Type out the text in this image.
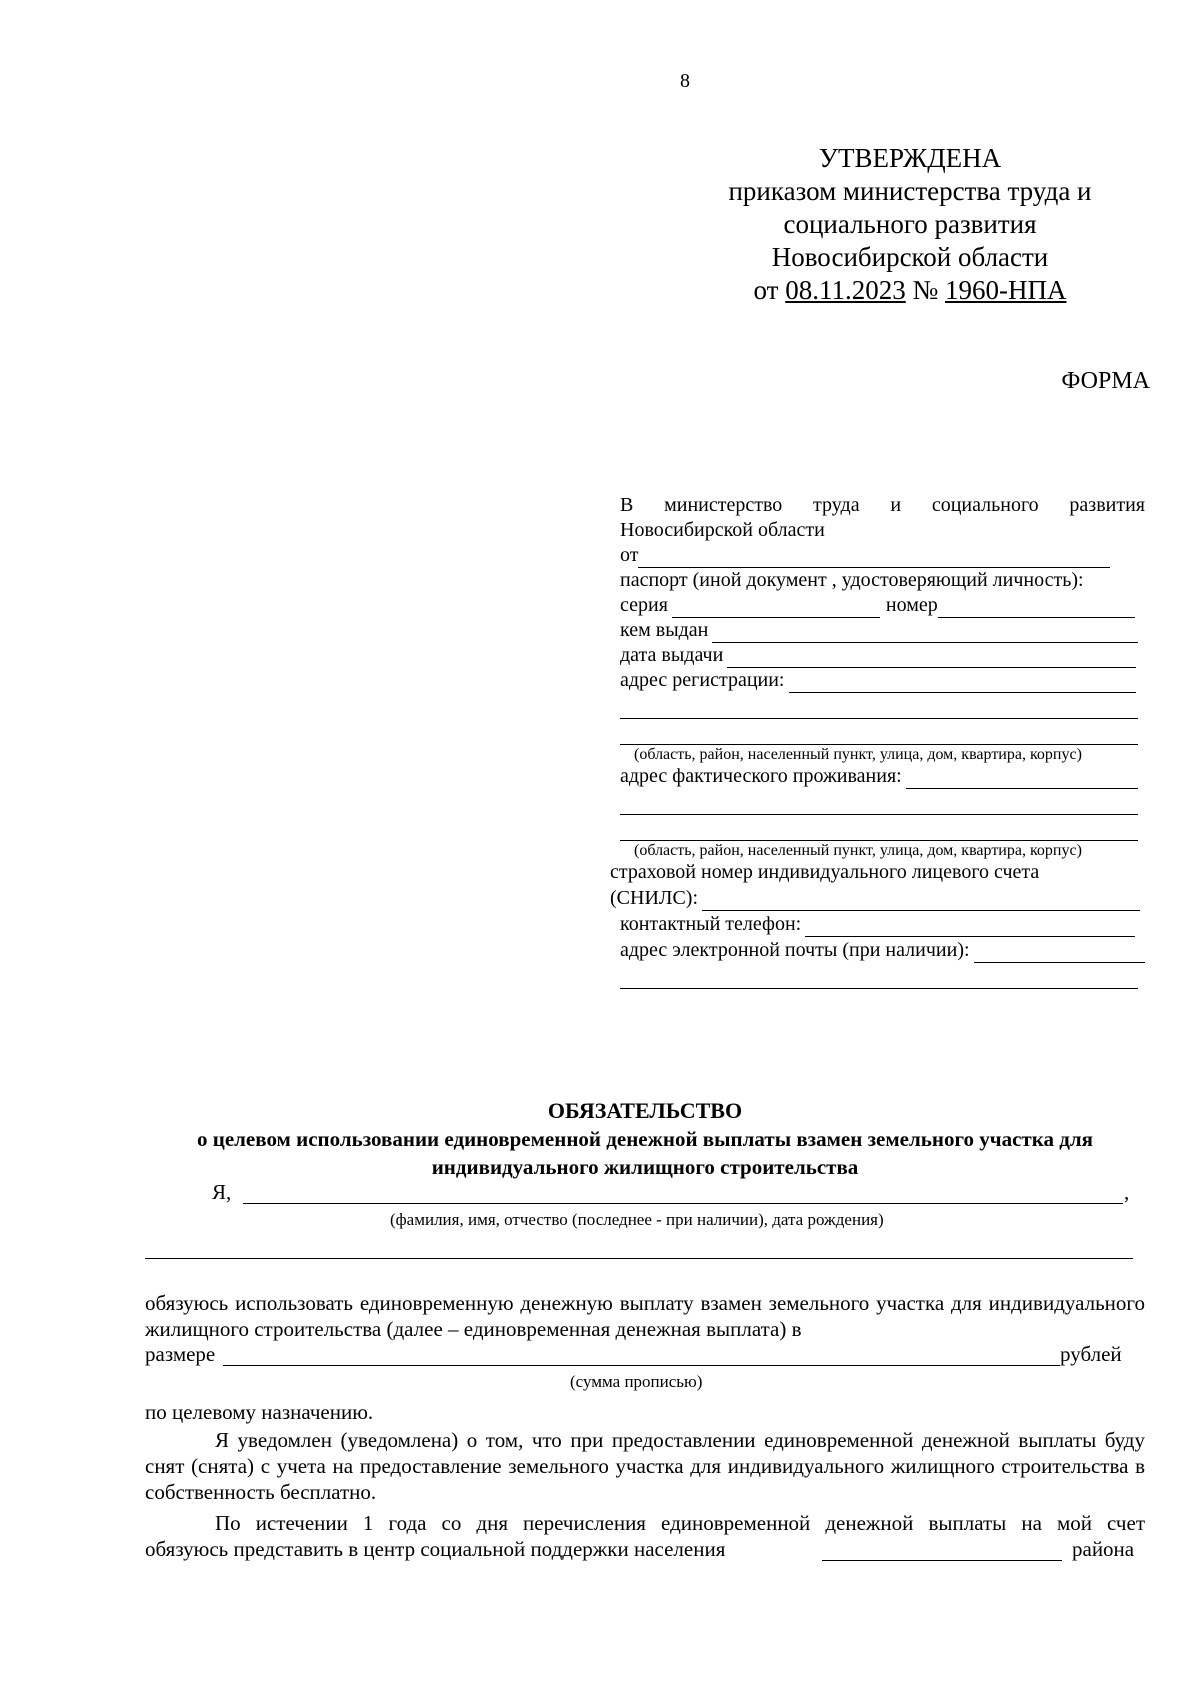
8
УТВЕРЖДЕНА
приказом министерства труда и
социального развития
Новосибирской области
от 08.11.2023 № 1960-НПА
ФОРМА
В министерство труда и социального развития
Новосибирской области
от
паспорт (иной документ , удостоверяющий личность):
серия	номер
кем выдан
дата выдачи
адрес регистрации:
(область, район, населенный пункт, улица, дом, квартира, корпус)
адрес фактического проживания:
(область, район, населенный пункт, улица, дом, квартира, корпус)
страховой номер индивидуального лицевого счета
(СНИЛС):
контактный телефон:
адрес электронной почты (при наличии):
ОБЯЗАТЕЛЬСТВО
о целевом использовании единовременной денежной выплаты взамен земельного участка для индивидуального жилищного строительства
Я,	,
(фамилия, имя, отчество (последнее - при наличии), дата рождения)
обязуюсь использовать единовременную денежную выплату взамен земельного участка для индивидуального жилищного строительства (далее – единовременная денежная выплата) в
размере	рублей
(сумма прописью)
по целевому назначению.
Я уведомлен (уведомлена) о том, что при предоставлении единовременной денежной выплаты буду снят (снята) с учета на предоставление земельного участка для индивидуального жилищного строительства в собственность бесплатно.
По истечении 1 года со дня перечисления единовременной денежной выплаты на мой счет
обязуюсь представить в центр социальной поддержки населения	района
